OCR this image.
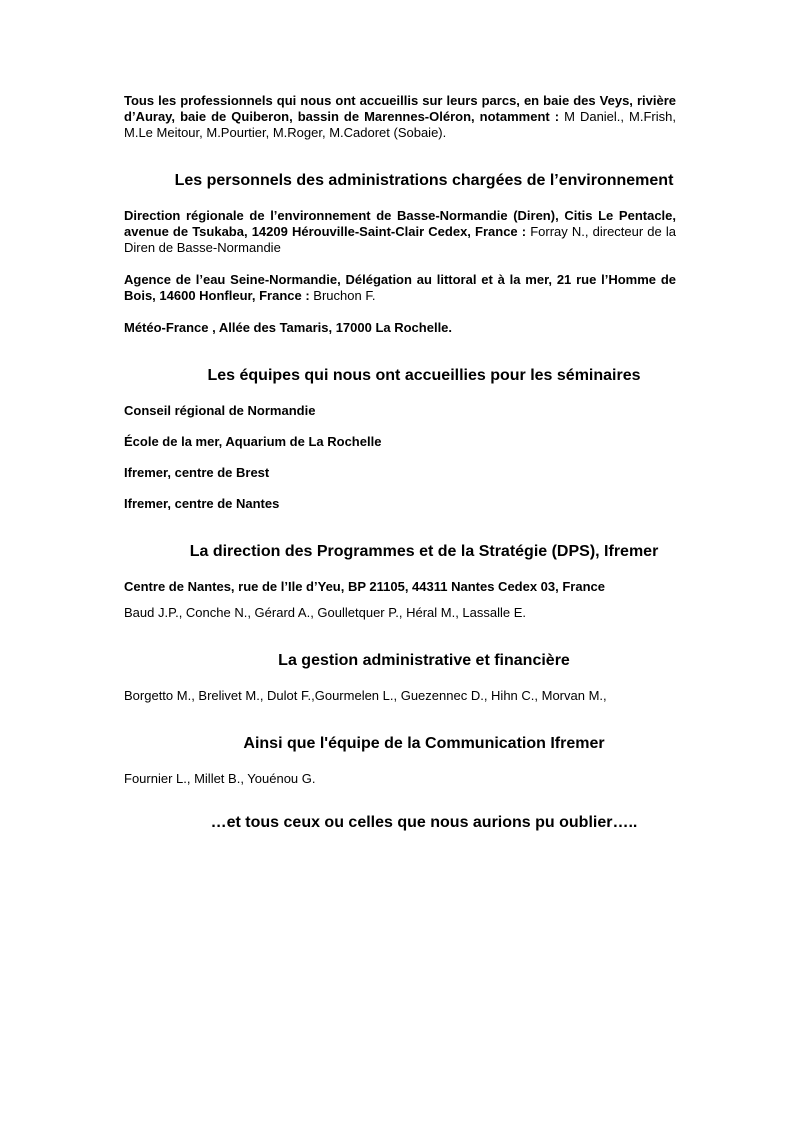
Tous les professionnels qui nous ont accueillis sur leurs parcs, en baie des Veys, rivière d’Auray, baie de Quiberon, bassin de Marennes-Oléron, notamment : M Daniel., M.Frish, M.Le Meitour, M.Pourtier, M.Roger, M.Cadoret (Sobaie).

Les personnels des administrations chargées de l’environnement

Direction régionale de l’environnement de Basse-Normandie (Diren), Citis Le Pentacle, avenue de Tsukaba, 14209 Hérouville-Saint-Clair Cedex, France : Forray N., directeur de la Diren de Basse-Normandie

Agence de l’eau Seine-Normandie, Délégation au littoral et à la mer, 21 rue l’Homme de Bois, 14600 Honfleur, France : Bruchon F.

Météo-France , Allée des Tamaris, 17000 La Rochelle.

Les équipes qui nous ont accueillies pour les séminaires

Conseil régional de Normandie

École de la mer, Aquarium de La Rochelle

Ifremer, centre de Brest

Ifremer, centre de Nantes

La direction des Programmes et de la Stratégie (DPS), Ifremer

Centre de Nantes, rue de l’Ile d’Yeu, BP 21105, 44311 Nantes Cedex 03, France

Baud J.P., Conche N., Gérard A., Goulletquer P., Héral M., Lassalle E.

La gestion administrative et financière

Borgetto M., Brelivet M., Dulot F.,Gourmelen L., Guezennec D., Hihn C., Morvan M.,

Ainsi que l'équipe de la Communication Ifremer

Fournier L., Millet B., Youénou G.

…et tous ceux ou celles que nous aurions pu oublier…..
